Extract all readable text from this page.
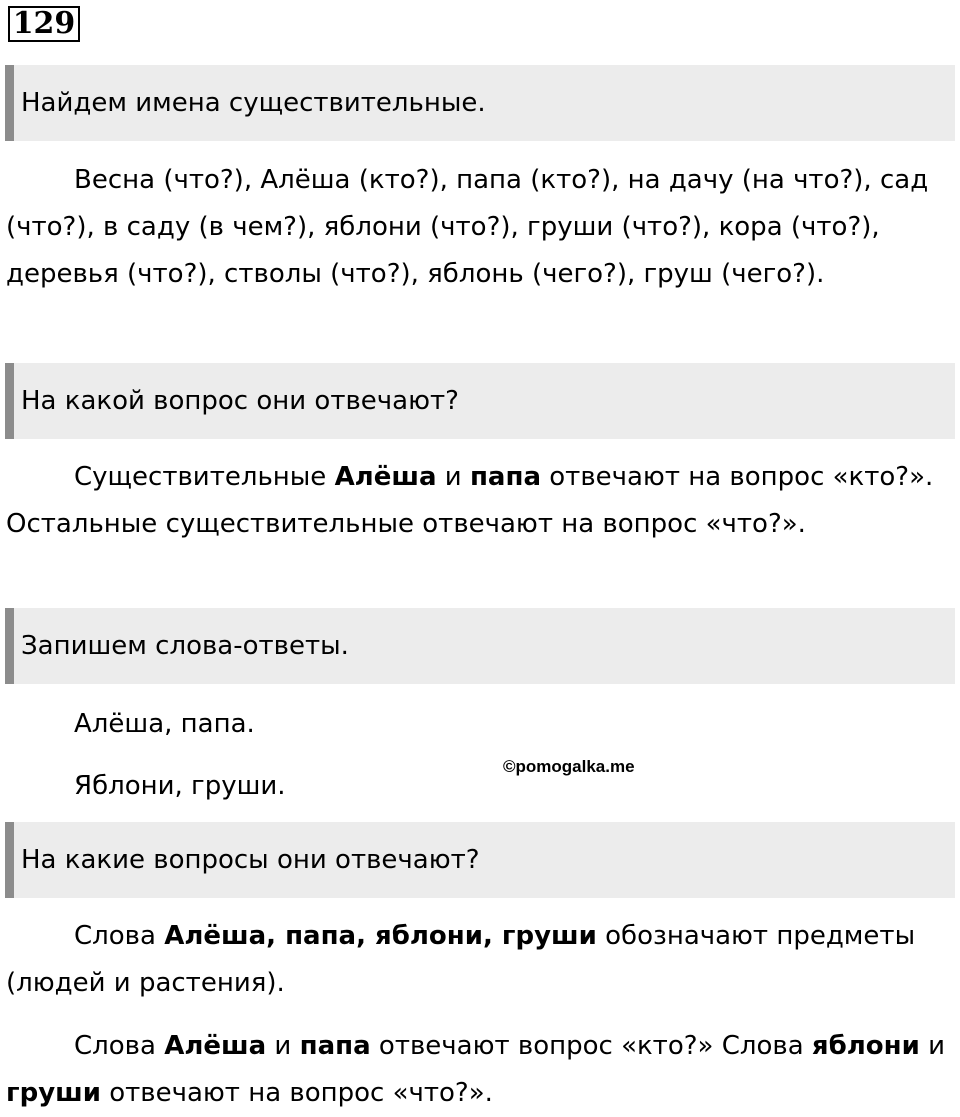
129
Найдем имена существительные.

Весна (что?), Алёша (кто?), папа (кто?), на дачу (на что?), сад (что?), в саду (в чем?), яблони (что?), груши (что?), кора (что?), деревья (что?), стволы (что?), яблонь (чего?), груш (чего?).

На какой вопрос они отвечают?

Существительные Алёша и папа отвечают на вопрос «кто?». Остальные существительные отвечают на вопрос «что?».

Запишем слова-ответы.
Алёша, папа.
Яблони, груши.
©pomogalka.me
На какие вопросы они отвечают?

Слова Алёша, папа, яблони, груши обозначают предметы (людей и растения).

Слова Алёша и папа отвечают вопрос «кто?» Слова яблони и груши отвечают на вопрос «что?».
